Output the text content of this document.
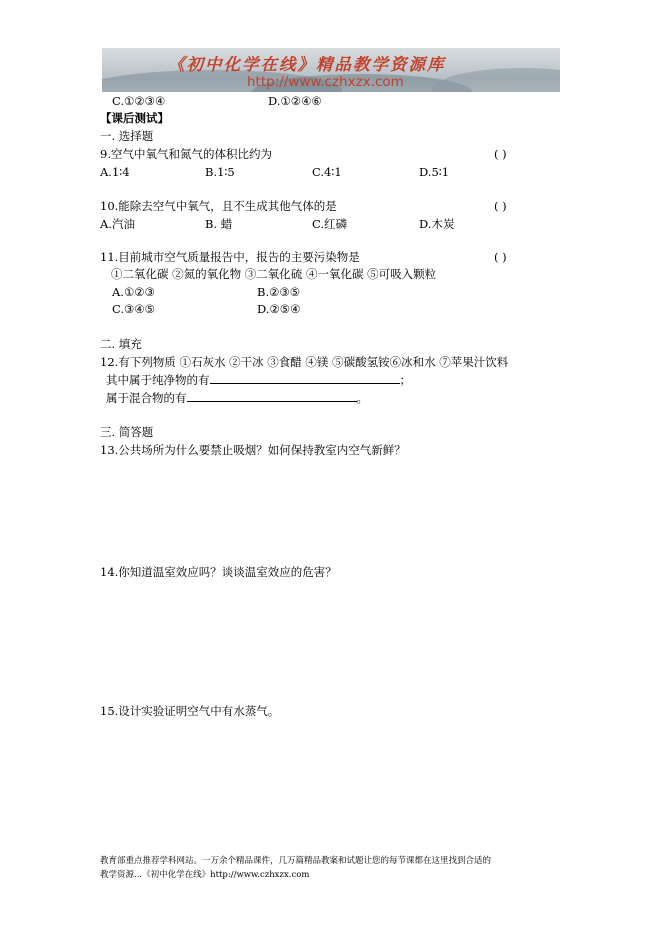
《初中化学在线》精品教学资源库
http://www.czhxzx.com
C.①②③④	D.①②④⑥
【课后测试】
一. 选择题
9.空气中氧气和氮气的体积比约为	( )
A.1∶4	B.1∶5	C.4∶1	D.5∶1
10.能除去空气中氧气，且不生成其他气体的是	( )
A.汽油	B. 蜡	C.红磷	D.木炭
11.目前城市空气质量报告中，报告的主要污染物是	( )
①二氧化碳 ②氮的氧化物 ③二氧化硫 ④一氧化碳 ⑤可吸入颗粒
A.①②③	B.②③⑤
C.③④⑤	D.②⑤④
二. 填充
12.有下列物质 ①石灰水 ②干冰 ③食醋 ④镁 ⑤碳酸氢铵⑥冰和水 ⑦苹果汁饮料
其中属于纯净物的有	；
属于混合物的有	。
三. 简答题
13.公共场所为什么要禁止吸烟？如何保持教室内空气新鲜？
14.你知道温室效应吗？谈谈温室效应的危害？
15.设计实验证明空气中有水蒸气。
教育部重点推荐学科网站。一万余个精品课件，几万篇精品教案和试题让您的每节课都在这里找到合适的
教学资源...《初中化学在线》http://www.czhxzx.com
